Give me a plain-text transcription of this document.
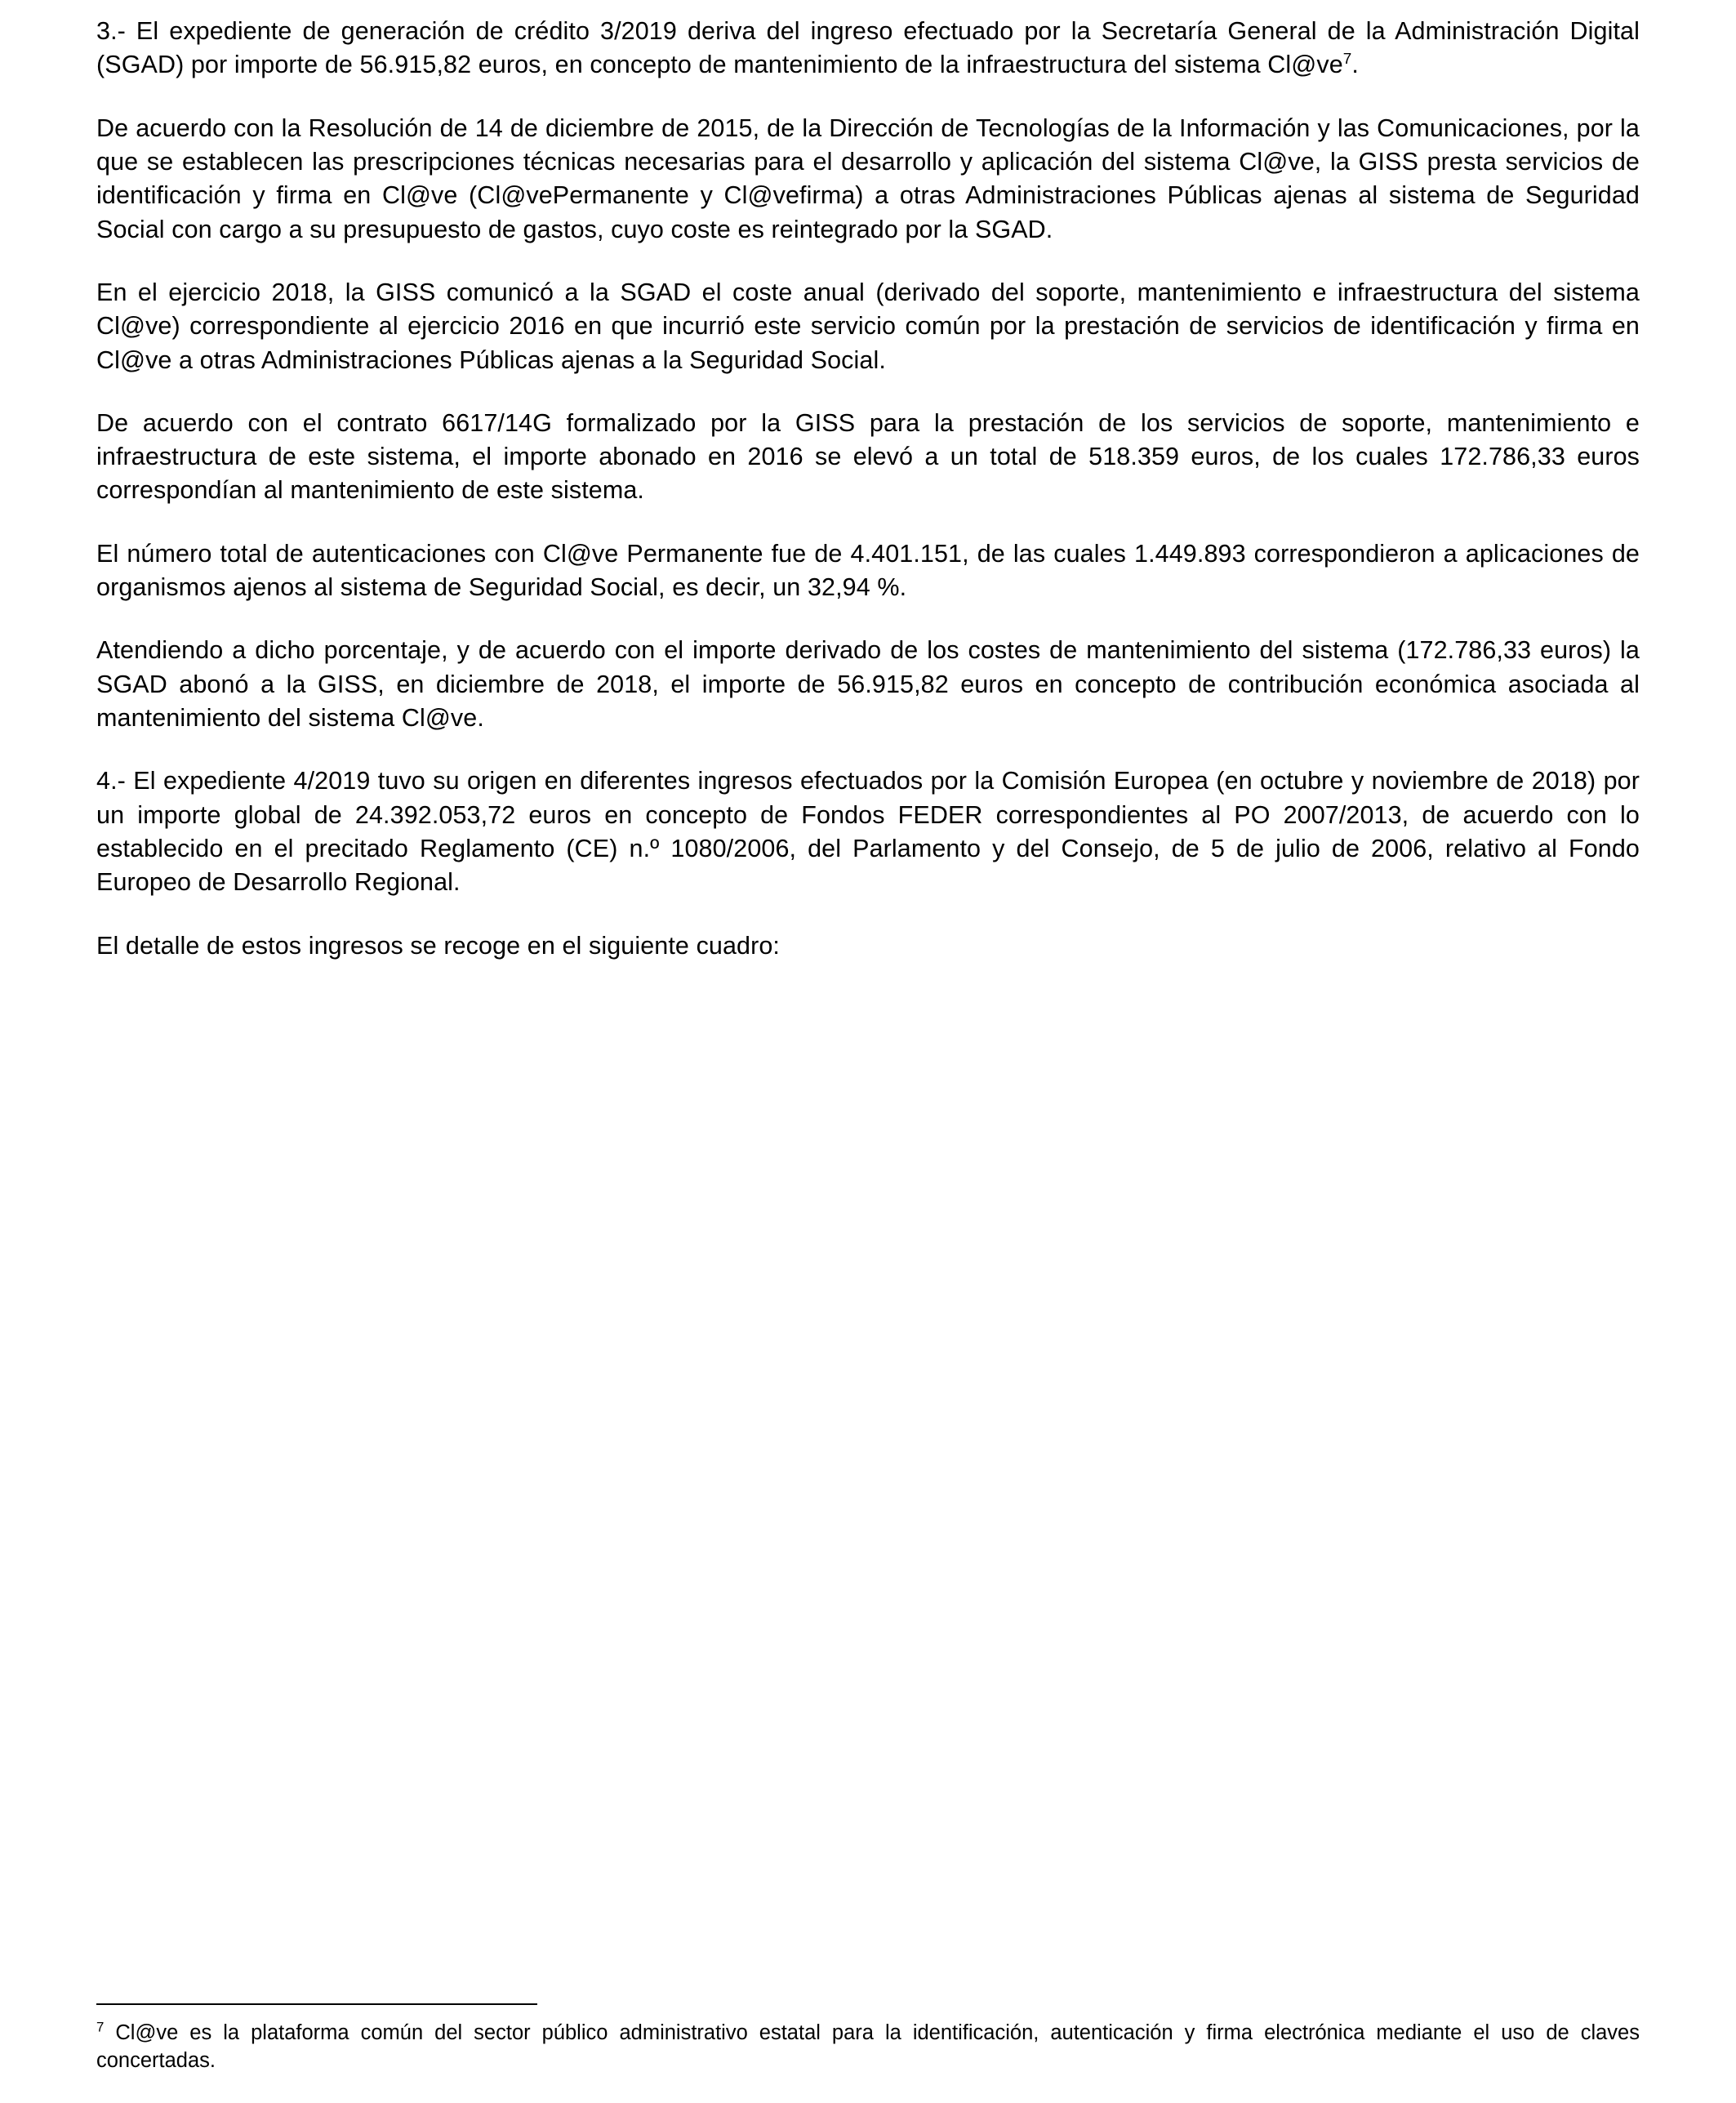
3.- El expediente de generación de crédito 3/2019 deriva del ingreso efectuado por la Secretaría General de la Administración Digital (SGAD) por importe de 56.915,82 euros, en concepto de mantenimiento de la infraestructura del sistema Cl@ve$^7$.

De acuerdo con la Resolución de 14 de diciembre de 2015, de la Dirección de Tecnologías de la Información y las Comunicaciones, por la que se establecen las prescripciones técnicas necesarias para el desarrollo y aplicación del sistema Cl@ve, la GISS presta servicios de identificación y firma en Cl@ve (Cl@vePermanente y Cl@vefirma) a otras Administraciones Públicas ajenas al sistema de Seguridad Social con cargo a su presupuesto de gastos, cuyo coste es reintegrado por la SGAD.

En el ejercicio 2018, la GISS comunicó a la SGAD el coste anual (derivado del soporte, mantenimiento e infraestructura del sistema Cl@ve) correspondiente al ejercicio 2016 en que incurrió este servicio común por la prestación de servicios de identificación y firma en Cl@ve a otras Administraciones Públicas ajenas a la Seguridad Social.

De acuerdo con el contrato 6617/14G formalizado por la GISS para la prestación de los servicios de soporte, mantenimiento e infraestructura de este sistema, el importe abonado en 2016 se elevó a un total de 518.359 euros, de los cuales 172.786,33 euros correspondían al mantenimiento de este sistema.

El número total de autenticaciones con Cl@ve Permanente fue de 4.401.151, de las cuales 1.449.893 correspondieron a aplicaciones de organismos ajenos al sistema de Seguridad Social, es decir, un 32,94 %.

Atendiendo a dicho porcentaje, y de acuerdo con el importe derivado de los costes de mantenimiento del sistema (172.786,33 euros) la SGAD abonó a la GISS, en diciembre de 2018, el importe de 56.915,82 euros en concepto de contribución económica asociada al mantenimiento del sistema Cl@ve.

4.- El expediente 4/2019 tuvo su origen en diferentes ingresos efectuados por la Comisión Europea (en octubre y noviembre de 2018) por un importe global de 24.392.053,72 euros en concepto de Fondos FEDER correspondientes al PO 2007/2013, de acuerdo con lo establecido en el precitado Reglamento (CE) n.º 1080/2006, del Parlamento y del Consejo, de 5 de julio de 2006, relativo al Fondo Europeo de Desarrollo Regional.

El detalle de estos ingresos se recoge en el siguiente cuadro:

$^7$ Cl@ve es la plataforma común del sector público administrativo estatal para la identificación, autenticación y firma electrónica mediante el uso de claves concertadas.
